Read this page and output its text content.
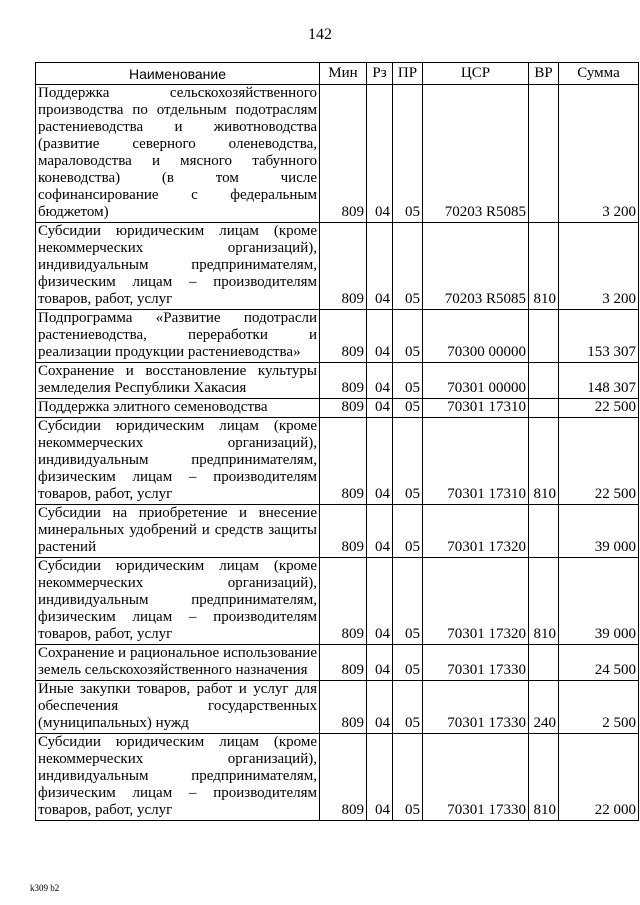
142
Наименование	Мин	Рз	ПР	ЦСР	ВР	Сумма
Поддержка сельскохозяйственного производства по отдельным подотраслям растениеводства и животноводства (развитие северного оленеводства, мараловодства и мясного табунного коневодства) (в том числе софинансирование с федеральным бюджетом)	809	04	05	70203 R5085		3 200
Субсидии юридическим лицам (кроме некоммерческих организаций), индивидуальным предпринимателям, физическим лицам – производителям товаров, работ, услуг	809	04	05	70203 R5085	810	3 200
Подпрограмма «Развитие подотрасли растениеводства, переработки и реализации продукции растениеводства»	809	04	05	70300 00000		153 307
Сохранение и восстановление культуры земледелия Республики Хакасия	809	04	05	70301 00000		148 307
Поддержка элитного семеноводства	809	04	05	70301 17310		22 500
Субсидии юридическим лицам (кроме некоммерческих организаций), индивидуальным предпринимателям, физическим лицам – производителям товаров, работ, услуг	809	04	05	70301 17310	810	22 500
Субсидии на приобретение и внесение минеральных удобрений и средств защиты растений	809	04	05	70301 17320		39 000
Субсидии юридическим лицам (кроме некоммерческих организаций), индивидуальным предпринимателям, физическим лицам – производителям товаров, работ, услуг	809	04	05	70301 17320	810	39 000
Сохранение и рациональное использование земель сельскохозяйственного назначения	809	04	05	70301 17330		24 500
Иные закупки товаров, работ и услуг для обеспечения государственных (муниципальных) нужд	809	04	05	70301 17330	240	2 500
Субсидии юридическим лицам (кроме некоммерческих организаций), индивидуальным предпринимателям, физическим лицам – производителям товаров, работ, услуг	809	04	05	70301 17330	810	22 000
k309 b2
